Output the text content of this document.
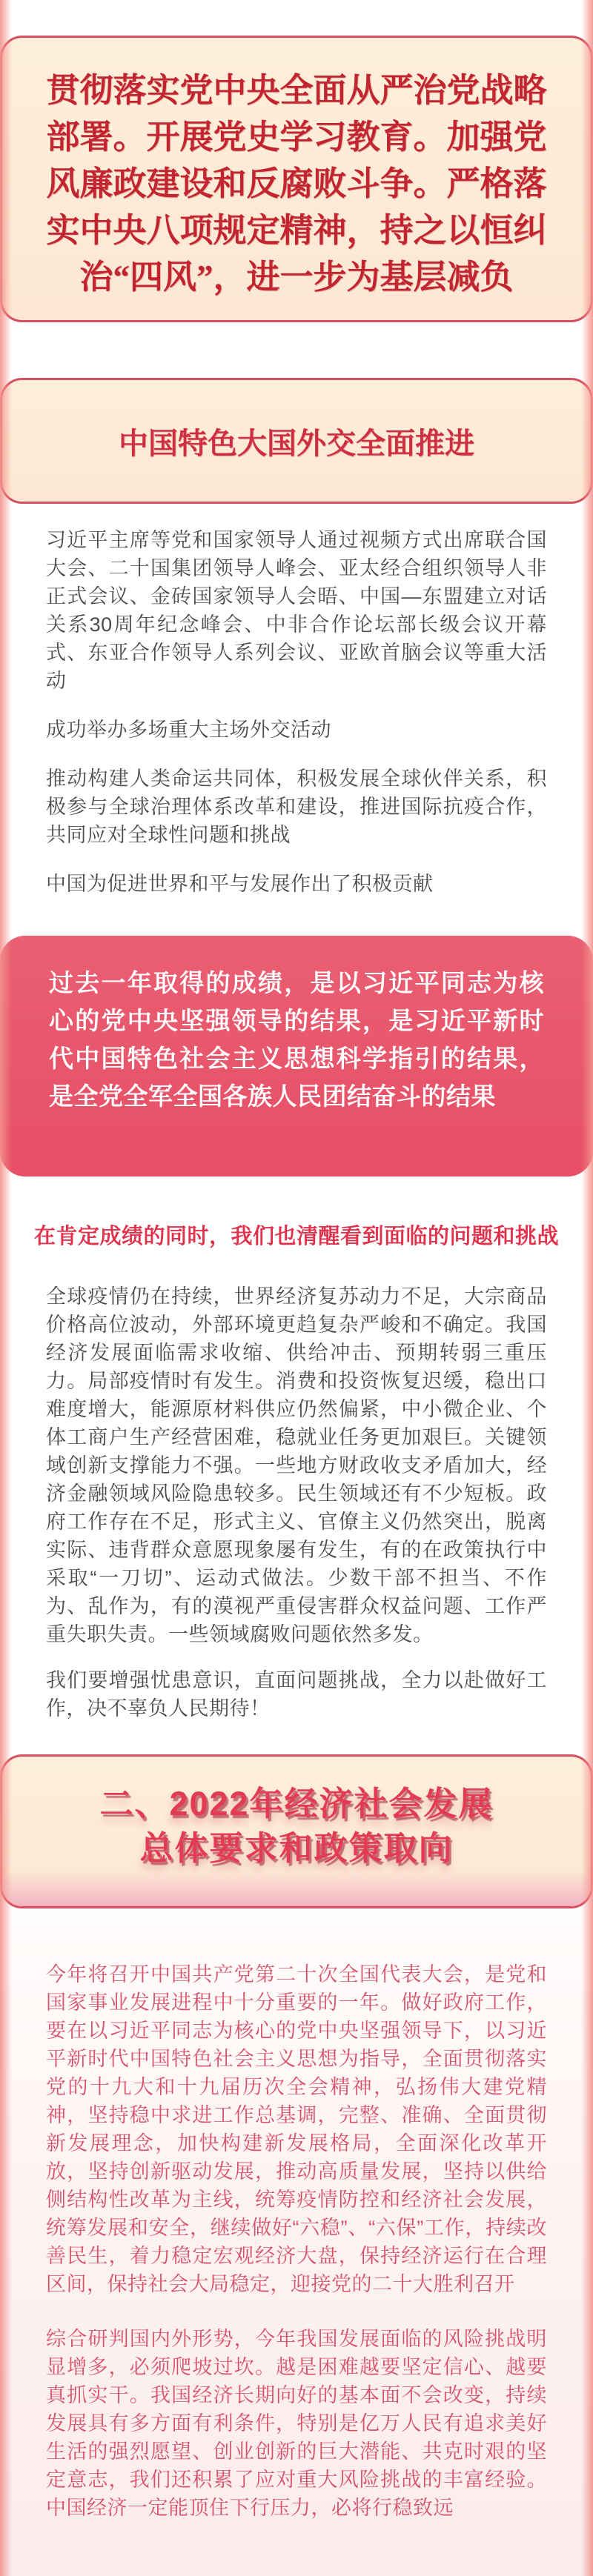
贯彻落实党中央全面从严治党战略部署。开展党史学习教育。加强党风廉政建设和反腐败斗争。严格落实中央八项规定精神，持之以恒纠治“四风”，进一步为基层减负
中国特色大国外交全面推进

习近平主席等党和国家领导人通过视频方式出席联合国大会、二十国集团领导人峰会、亚太经合组织领导人非正式会议、金砖国家领导人会晤、中国—东盟建立对话关系30周年纪念峰会、中非合作论坛部长级会议开幕式、东亚合作领导人系列会议、亚欧首脑会议等重大活动

成功举办多场重大主场外交活动

推动构建人类命运共同体，积极发展全球伙伴关系，积极参与全球治理体系改革和建设，推进国际抗疫合作，共同应对全球性问题和挑战

中国为促进世界和平与发展作出了积极贡献

过去一年取得的成绩，是以习近平同志为核心的党中央坚强领导的结果，是习近平新时代中国特色社会主义思想科学指引的结果，是全党全军全国各族人民团结奋斗的结果
在肯定成绩的同时，我们也清醒看到面临的问题和挑战

全球疫情仍在持续，世界经济复苏动力不足，大宗商品价格高位波动，外部环境更趋复杂严峻和不确定。我国经济发展面临需求收缩、供给冲击、预期转弱三重压力。局部疫情时有发生。消费和投资恢复迟缓，稳出口难度增大，能源原材料供应仍然偏紧，中小微企业、个体工商户生产经营困难，稳就业任务更加艰巨。关键领域创新支撑能力不强。一些地方财政收支矛盾加大，经济金融领域风险隐患较多。民生领域还有不少短板。政府工作存在不足，形式主义、官僚主义仍然突出，脱离实际、违背群众意愿现象屡有发生，有的在政策执行中采取“一刀切”、运动式做法。少数干部不担当、不作为、乱作为，有的漠视严重侵害群众权益问题、工作严重失职失责。一些领域腐败问题依然多发。

我们要增强忧患意识，直面问题挑战，全力以赴做好工作，决不辜负人民期待！

二、2022年经济社会发展
总体要求和政策取向

今年将召开中国共产党第二十次全国代表大会，是党和国家事业发展进程中十分重要的一年。做好政府工作，要在以习近平同志为核心的党中央坚强领导下，以习近平新时代中国特色社会主义思想为指导，全面贯彻落实党的十九大和十九届历次全会精神，弘扬伟大建党精神，坚持稳中求进工作总基调，完整、准确、全面贯彻新发展理念，加快构建新发展格局，全面深化改革开放，坚持创新驱动发展，推动高质量发展，坚持以供给侧结构性改革为主线，统筹疫情防控和经济社会发展，统筹发展和安全，继续做好“六稳”、“六保”工作，持续改善民生，着力稳定宏观经济大盘，保持经济运行在合理区间，保持社会大局稳定，迎接党的二十大胜利召开

综合研判国内外形势，今年我国发展面临的风险挑战明显增多，必须爬坡过坎。越是困难越要坚定信心、越要真抓实干。我国经济长期向好的基本面不会改变，持续发展具有多方面有利条件，特别是亿万人民有追求美好生活的强烈愿望、创业创新的巨大潜能、共克时艰的坚定意志，我们还积累了应对重大风险挑战的丰富经验。中国经济一定能顶住下行压力，必将行稳致远
